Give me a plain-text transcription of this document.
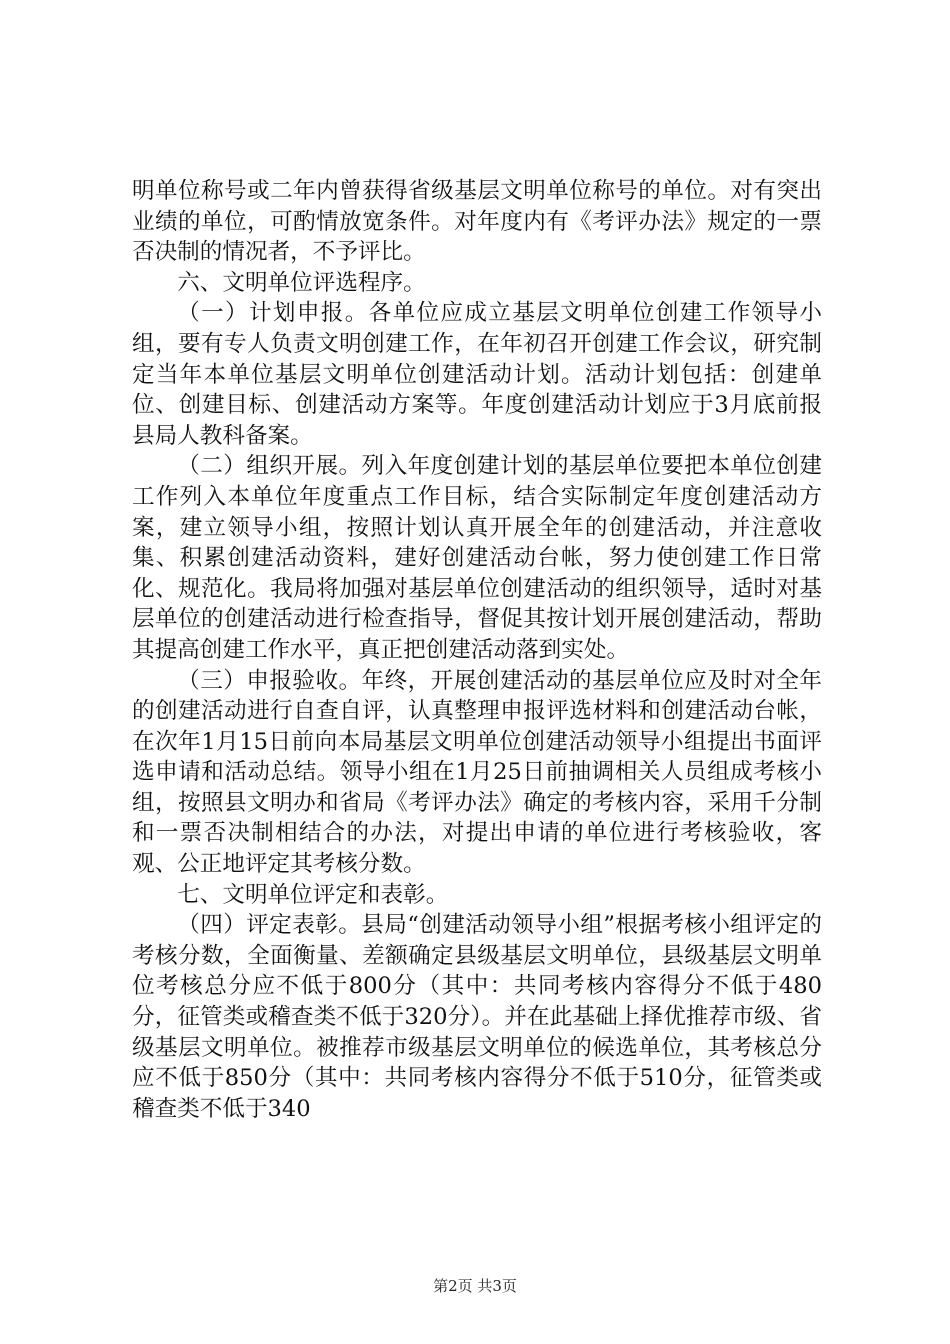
明单位称号或二年内曾获得省级基层文明单位称号的单位。对有突出业绩的单位，可酌情放宽条件。对年度内有《考评办法》规定的一票否决制的情况者，不予评比。

六、文明单位评选程序。

（一）计划申报。各单位应成立基层文明单位创建工作领导小组，要有专人负责文明创建工作，在年初召开创建工作会议，研究制定当年本单位基层文明单位创建活动计划。活动计划包括：创建单位、创建目标、创建活动方案等。年度创建活动计划应于3月底前报县局人教科备案。

（二）组织开展。列入年度创建计划的基层单位要把本单位创建工作列入本单位年度重点工作目标，结合实际制定年度创建活动方案，建立领导小组，按照计划认真开展全年的创建活动，并注意收集、积累创建活动资料，建好创建活动台帐，努力使创建工作日常化、规范化。我局将加强对基层单位创建活动的组织领导，适时对基层单位的创建活动进行检查指导，督促其按计划开展创建活动，帮助其提高创建工作水平，真正把创建活动落到实处。

（三）申报验收。年终，开展创建活动的基层单位应及时对全年的创建活动进行自查自评，认真整理申报评选材料和创建活动台帐，在次年1月15日前向本局基层文明单位创建活动领导小组提出书面评选申请和活动总结。领导小组在1月25日前抽调相关人员组成考核小组，按照县文明办和省局《考评办法》确定的考核内容，采用千分制和一票否决制相结合的办法，对提出申请的单位进行考核验收，客观、公正地评定其考核分数。

七、文明单位评定和表彰。

（四）评定表彰。县局“创建活动领导小组”根据考核小组评定的考核分数，全面衡量、差额确定县级基层文明单位，县级基层文明单位考核总分应不低于800分（其中：共同考核内容得分不低于480分，征管类或稽查类不低于320分）。并在此基础上择优推荐市级、省级基层文明单位。被推荐市级基层文明单位的候选单位，其考核总分应不低于850分（其中：共同考核内容得分不低于510分，征管类或稽查类不低于340

第2页 共3页
